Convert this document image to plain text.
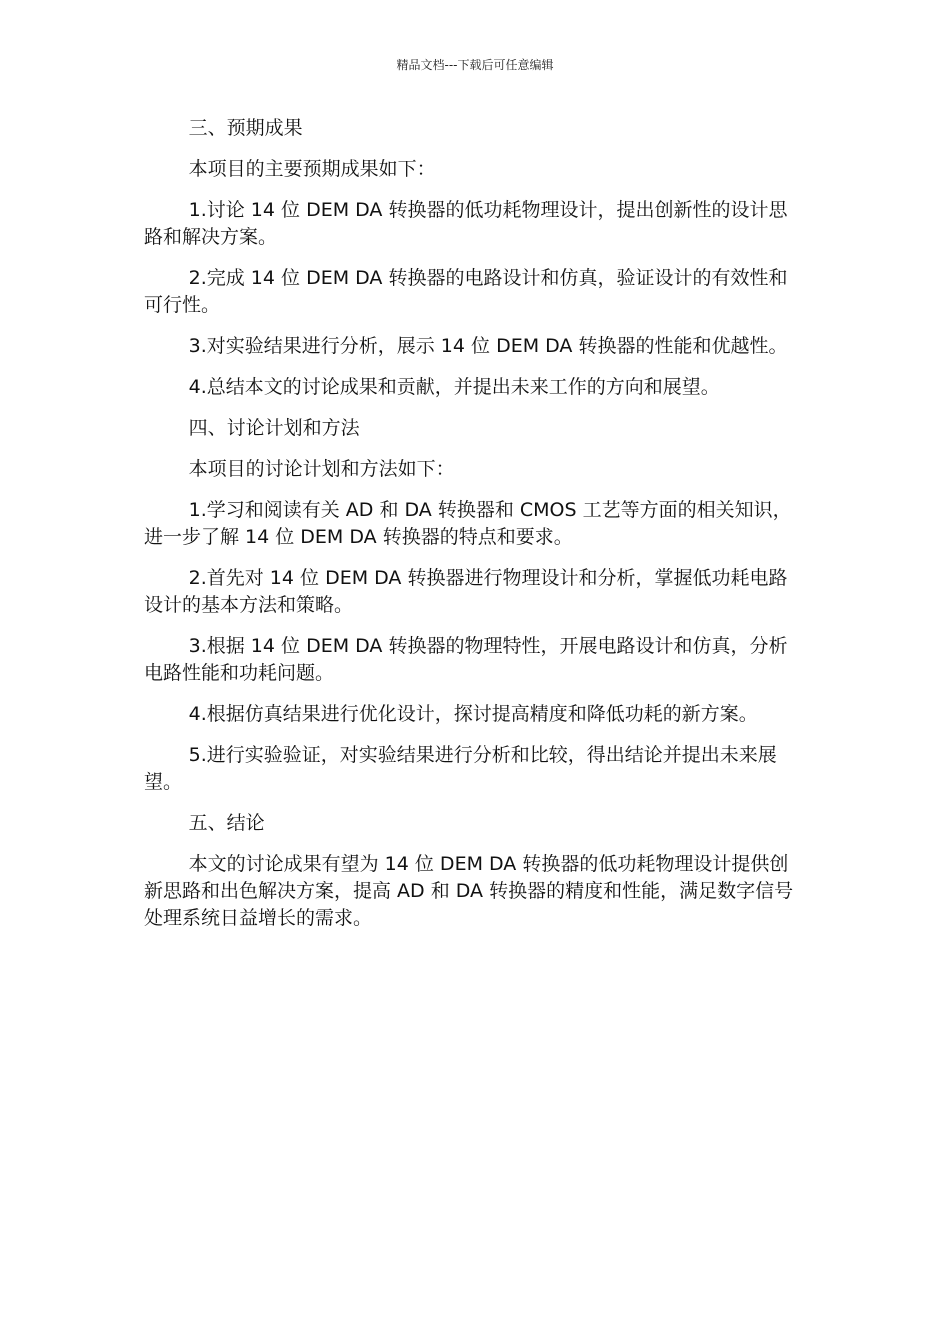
精品文档---下载后可任意编辑

三、预期成果

本项目的主要预期成果如下：

1.讨论 14 位 DEM DA 转换器的低功耗物理设计，提出创新性的设计思路和解决方案。

2.完成 14 位 DEM DA 转换器的电路设计和仿真，验证设计的有效性和可行性。

3.对实验结果进行分析，展示 14 位 DEM DA 转换器的性能和优越性。

4.总结本文的讨论成果和贡献，并提出未来工作的方向和展望。

四、讨论计划和方法

本项目的讨论计划和方法如下：

1.学习和阅读有关 AD 和 DA 转换器和 CMOS 工艺等方面的相关知识，进一步了解 14 位 DEM DA 转换器的特点和要求。

2.首先对 14 位 DEM DA 转换器进行物理设计和分析，掌握低功耗电路设计的基本方法和策略。

3.根据 14 位 DEM DA 转换器的物理特性，开展电路设计和仿真，分析电路性能和功耗问题。

4.根据仿真结果进行优化设计，探讨提高精度和降低功耗的新方案。

5.进行实验验证，对实验结果进行分析和比较，得出结论并提出未来展望。

五、结论

本文的讨论成果有望为 14 位 DEM DA 转换器的低功耗物理设计提供创新思路和出色解决方案，提高 AD 和 DA 转换器的精度和性能，满足数字信号处理系统日益增长的需求。
